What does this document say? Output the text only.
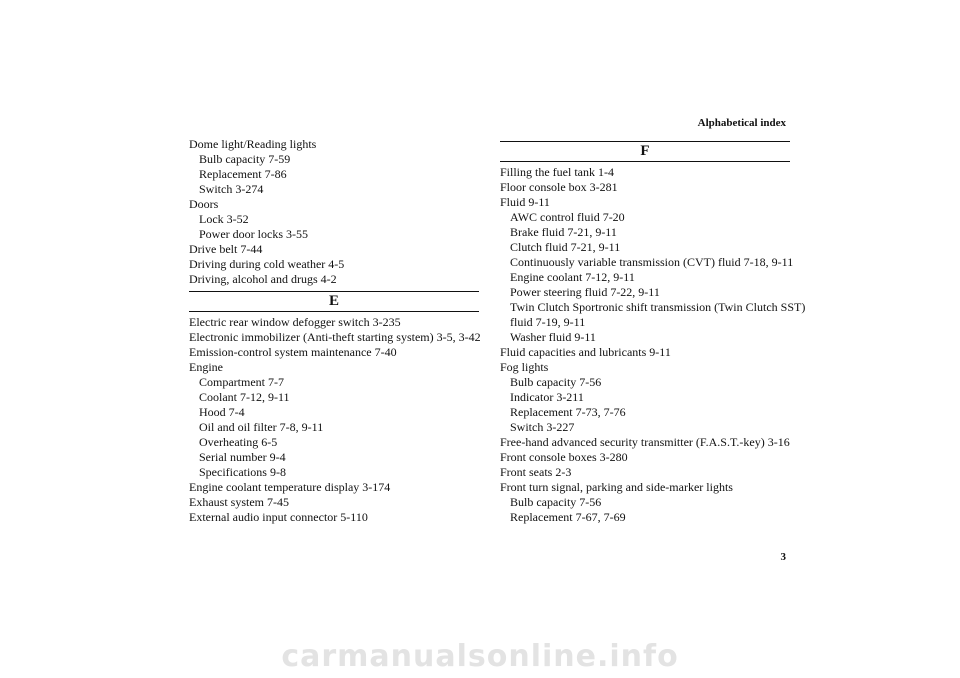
Alphabetical index
Dome light/Reading lights
Bulb capacity 7-59
Replacement 7-86
Switch 3-274
Doors
Lock 3-52
Power door locks 3-55
Drive belt 7-44
Driving during cold weather 4-5
Driving, alcohol and drugs 4-2
E
Electric rear window defogger switch 3-235
Electronic immobilizer (Anti-theft starting system) 3-5, 3-42
Emission-control system maintenance 7-40
Engine
Compartment 7-7
Coolant 7-12, 9-11
Hood 7-4
Oil and oil filter 7-8, 9-11
Overheating 6-5
Serial number 9-4
Specifications 9-8
Engine coolant temperature display 3-174
Exhaust system 7-45
External audio input connector 5-110
F
Filling the fuel tank 1-4
Floor console box 3-281
Fluid 9-11
AWC control fluid 7-20
Brake fluid 7-21, 9-11
Clutch fluid 7-21, 9-11
Continuously variable transmission (CVT) fluid 7-18, 9-11
Engine coolant 7-12, 9-11
Power steering fluid 7-22, 9-11
Twin Clutch Sportronic shift transmission (Twin Clutch SST)
fluid 7-19, 9-11
Washer fluid 9-11
Fluid capacities and lubricants 9-11
Fog lights
Bulb capacity 7-56
Indicator 3-211
Replacement 7-73, 7-76
Switch 3-227
Free-hand advanced security transmitter (F.A.S.T.-key) 3-16
Front console boxes 3-280
Front seats 2-3
Front turn signal, parking and side-marker lights
Bulb capacity 7-56
Replacement 7-67, 7-69
3
carmanualsonline.info
